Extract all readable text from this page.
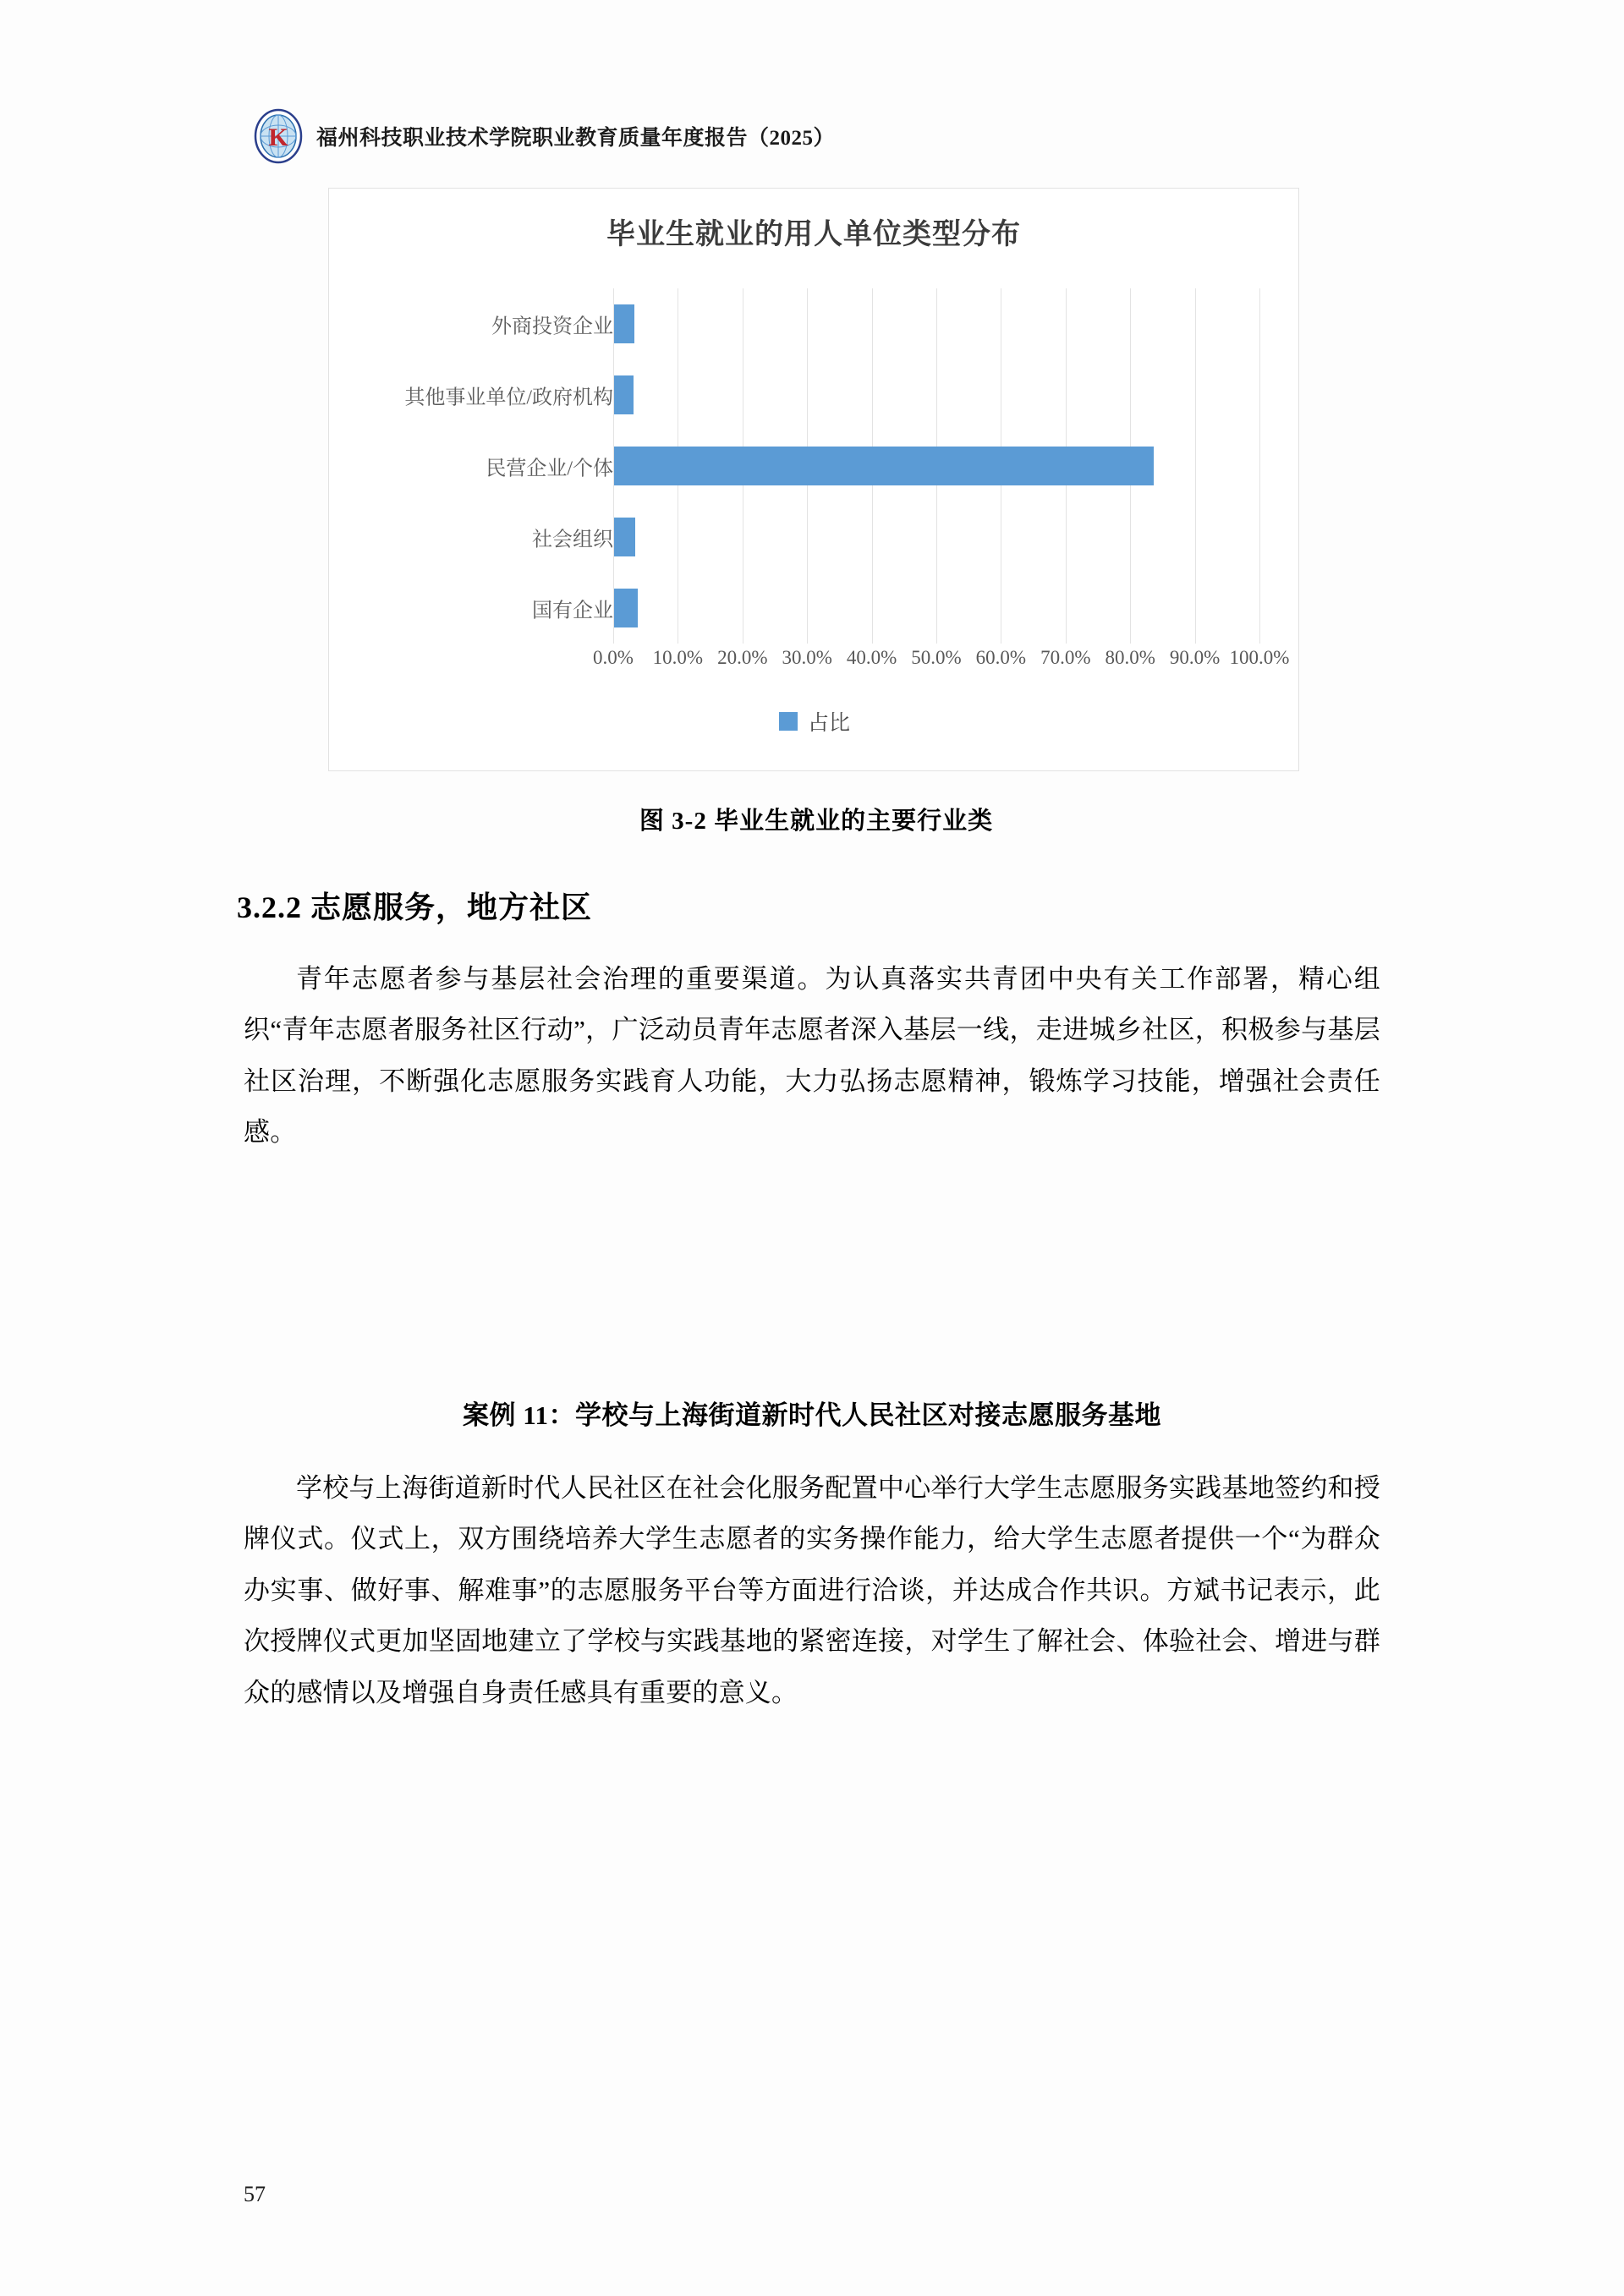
K 福州科技职业技术学院职业教育质量年度报告（2025）
毕业生就业的用人单位类型分布
外商投资企业
其他事业单位/政府机构
民营企业/个体
社会组织
国有企业
0.0% 10.0% 20.0% 30.0% 40.0% 50.0% 60.0% 70.0% 80.0% 90.0% 100.0%
占比
图 3-2 毕业生就业的主要行业类
3.2.2 志愿服务，地方社区
青年志愿者参与基层社会治理的重要渠道。为认真落实共青团中央有关工作部署，精心组织“青年志愿者服务社区行动”，广泛动员青年志愿者深入基层一线，走进城乡社区，积极参与基层社区治理，不断强化志愿服务实践育人功能，大力弘扬志愿精神，锻炼学习技能，增强社会责任感。
案例 11：学校与上海街道新时代人民社区对接志愿服务基地
学校与上海街道新时代人民社区在社会化服务配置中心举行大学生志愿服务实践基地签约和授牌仪式。仪式上，双方围绕培养大学生志愿者的实务操作能力，给大学生志愿者提供一个“为群众办实事、做好事、解难事”的志愿服务平台等方面进行洽谈，并达成合作共识。方斌书记表示，此次授牌仪式更加坚固地建立了学校与实践基地的紧密连接，对学生了解社会、体验社会、增进与群众的感情以及增强自身责任感具有重要的意义。
57
